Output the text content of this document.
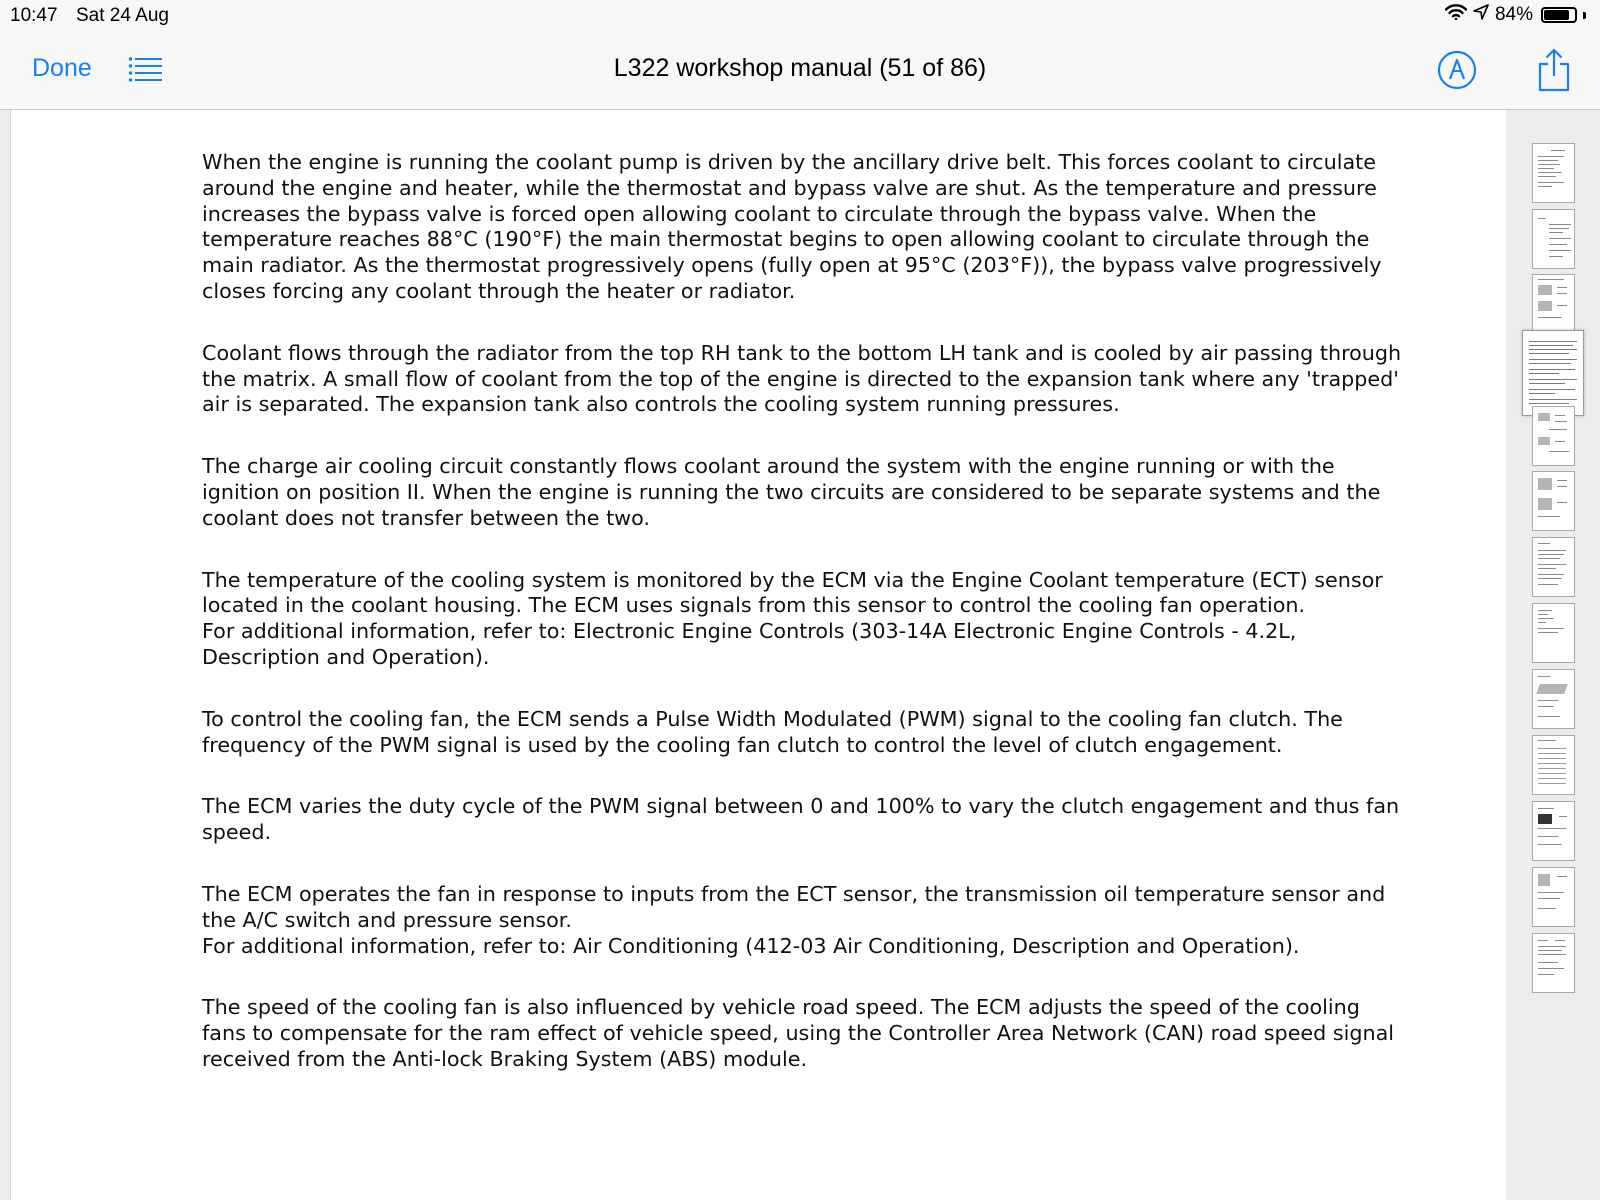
10:47 Sat 24 Aug	84%
Done	L322 workshop manual (51 of 86)

When the engine is running the coolant pump is driven by the ancillary drive belt. This forces coolant to circulate around the engine and heater, while the thermostat and bypass valve are shut. As the temperature and pressure increases the bypass valve is forced open allowing coolant to circulate through the bypass valve. When the temperature reaches 88°C (190°F) the main thermostat begins to open allowing coolant to circulate through the main radiator. As the thermostat progressively opens (fully open at 95°C (203°F)), the bypass valve progressively closes forcing any coolant through the heater or radiator.

Coolant flows through the radiator from the top RH tank to the bottom LH tank and is cooled by air passing through the matrix. A small flow of coolant from the top of the engine is directed to the expansion tank where any 'trapped' air is separated. The expansion tank also controls the cooling system running pressures.

The charge air cooling circuit constantly flows coolant around the system with the engine running or with the ignition on position II. When the engine is running the two circuits are considered to be separate systems and the coolant does not transfer between the two.

The temperature of the cooling system is monitored by the ECM via the Engine Coolant temperature (ECT) sensor located in the coolant housing. The ECM uses signals from this sensor to control the cooling fan operation.

For additional information, refer to: Electronic Engine Controls (303-14A Electronic Engine Controls - 4.2L, Description and Operation).

To control the cooling fan, the ECM sends a Pulse Width Modulated (PWM) signal to the cooling fan clutch. The frequency of the PWM signal is used by the cooling fan clutch to control the level of clutch engagement.

The ECM varies the duty cycle of the PWM signal between 0 and 100% to vary the clutch engagement and thus fan speed.

The ECM operates the fan in response to inputs from the ECT sensor, the transmission oil temperature sensor and the A/C switch and pressure sensor.

For additional information, refer to: Air Conditioning (412-03 Air Conditioning, Description and Operation).

The speed of the cooling fan is also influenced by vehicle road speed. The ECM adjusts the speed of the cooling fans to compensate for the ram effect of vehicle speed, using the Controller Area Network (CAN) road speed signal received from the Anti-lock Braking System (ABS) module.
